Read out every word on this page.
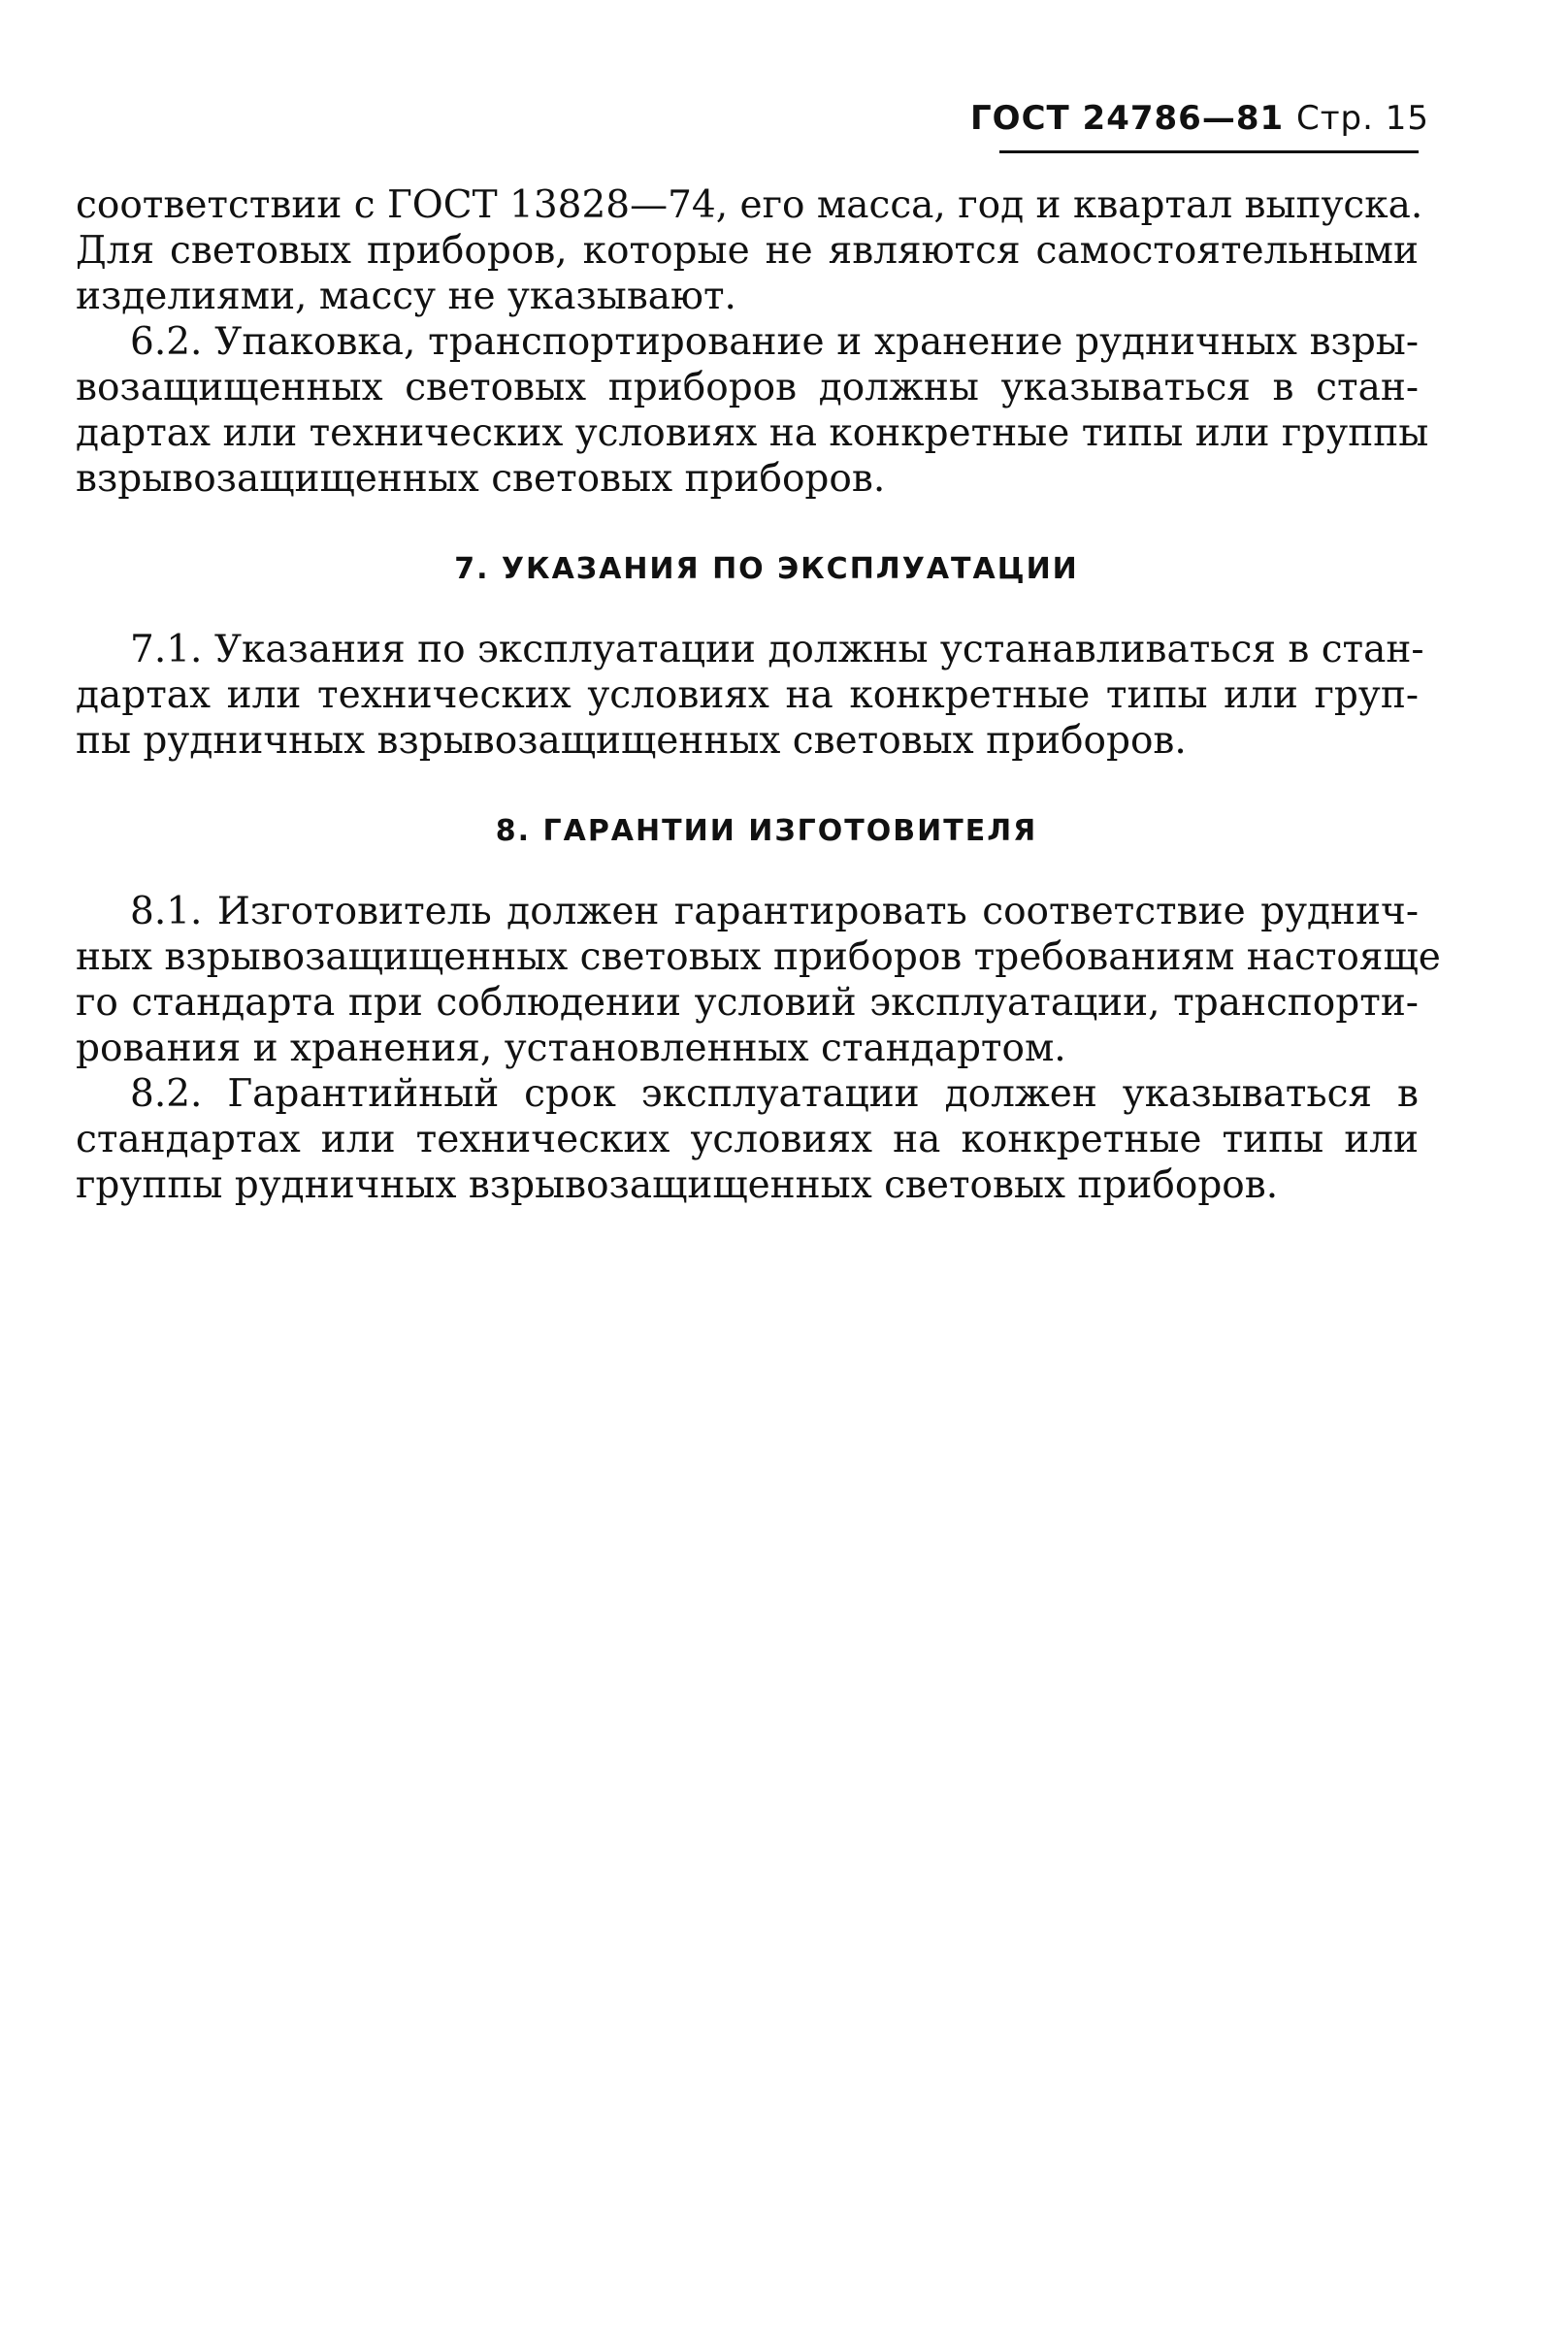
ГОСТ 24786—81 Стр. 15
соответствии с ГОСТ 13828—74, его масса, год и квартал выпуска.
Для световых приборов, которые не являются самостоятельными
изделиями, массу не указывают.
6.2. Упаковка, транспортирование и хранение рудничных взры-
возащищенных световых приборов должны указываться в стан-
дартах или технических условиях на конкретные типы или группы
взрывозащищенных световых приборов.
7. УКАЗАНИЯ ПО ЭКСПЛУАТАЦИИ
7.1. Указания по эксплуатации должны устанавливаться в стан-
дартах или технических условиях на конкретные типы или груп-
пы рудничных взрывозащищенных световых приборов.
8. ГАРАНТИИ ИЗГОТОВИТЕЛЯ
8.1. Изготовитель должен гарантировать соответствие руднич-
ных взрывозащищенных световых приборов требованиям настояще
го стандарта при соблюдении условий эксплуатации, транспорти-
рования и хранения, установленных стандартом.
8.2. Гарантийный срок эксплуатации должен указываться в
стандартах или технических условиях на конкретные типы или
группы рудничных взрывозащищенных световых приборов.
